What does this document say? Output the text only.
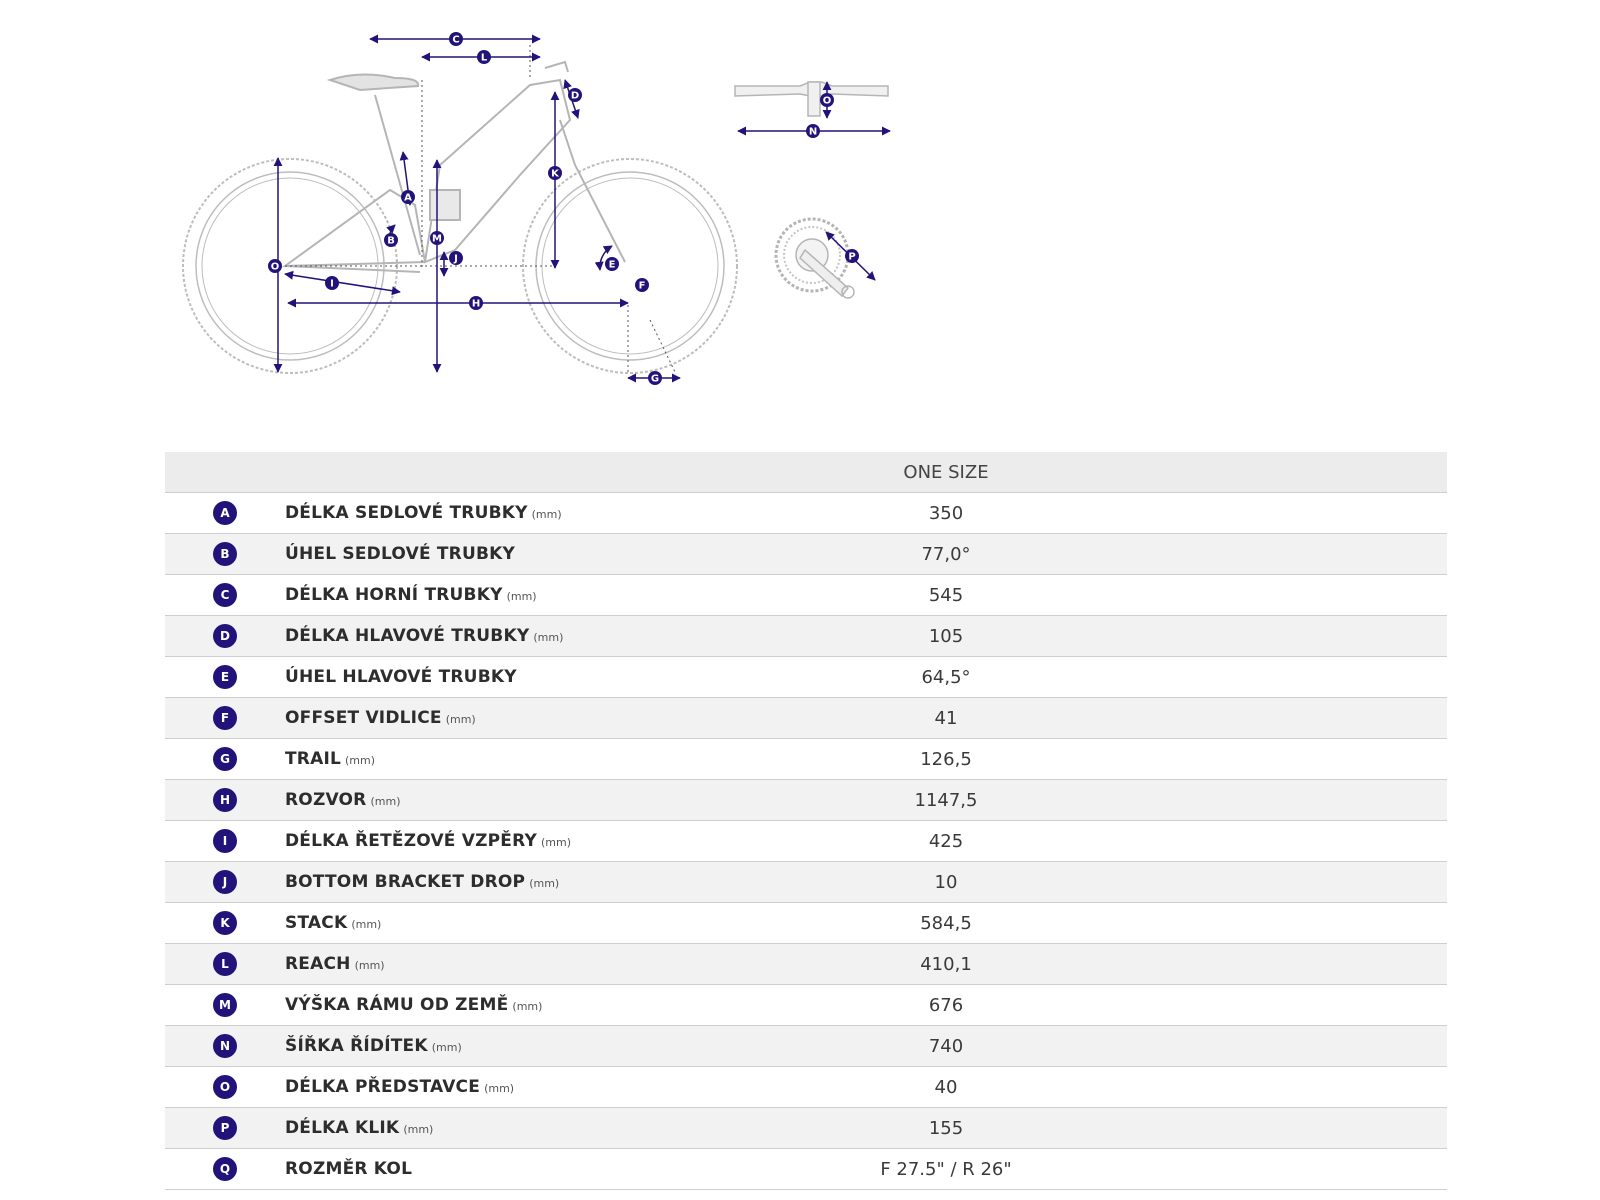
C
L
D
K
A
B	M
J
O
I
H
E
F
G
O
N
P
		ONE SIZE
A	DÉLKA SEDLOVÉ TRUBKY (mm)	350
B	ÚHEL SEDLOVÉ TRUBKY	77,0°
C	DÉLKA HORNÍ TRUBKY (mm)	545
D	DÉLKA HLAVOVÉ TRUBKY (mm)	105
E	ÚHEL HLAVOVÉ TRUBKY	64,5°
F	OFFSET VIDLICE (mm)	41
G	TRAIL (mm)	126,5
H	ROZVOR (mm)	1147,5
I	DÉLKA ŘETĚZOVÉ VZPĚRY (mm)	425
J	BOTTOM BRACKET DROP (mm)	10
K	STACK (mm)	584,5
L	REACH (mm)	410,1
M	VÝŠKA RÁMU OD ZEMĚ (mm)	676
N	ŠÍŘKA ŘÍDÍTEK (mm)	740
O	DÉLKA PŘEDSTAVCE (mm)	40
P	DÉLKA KLIK (mm)	155
Q	ROZMĚR KOL	F 27.5" / R 26"
